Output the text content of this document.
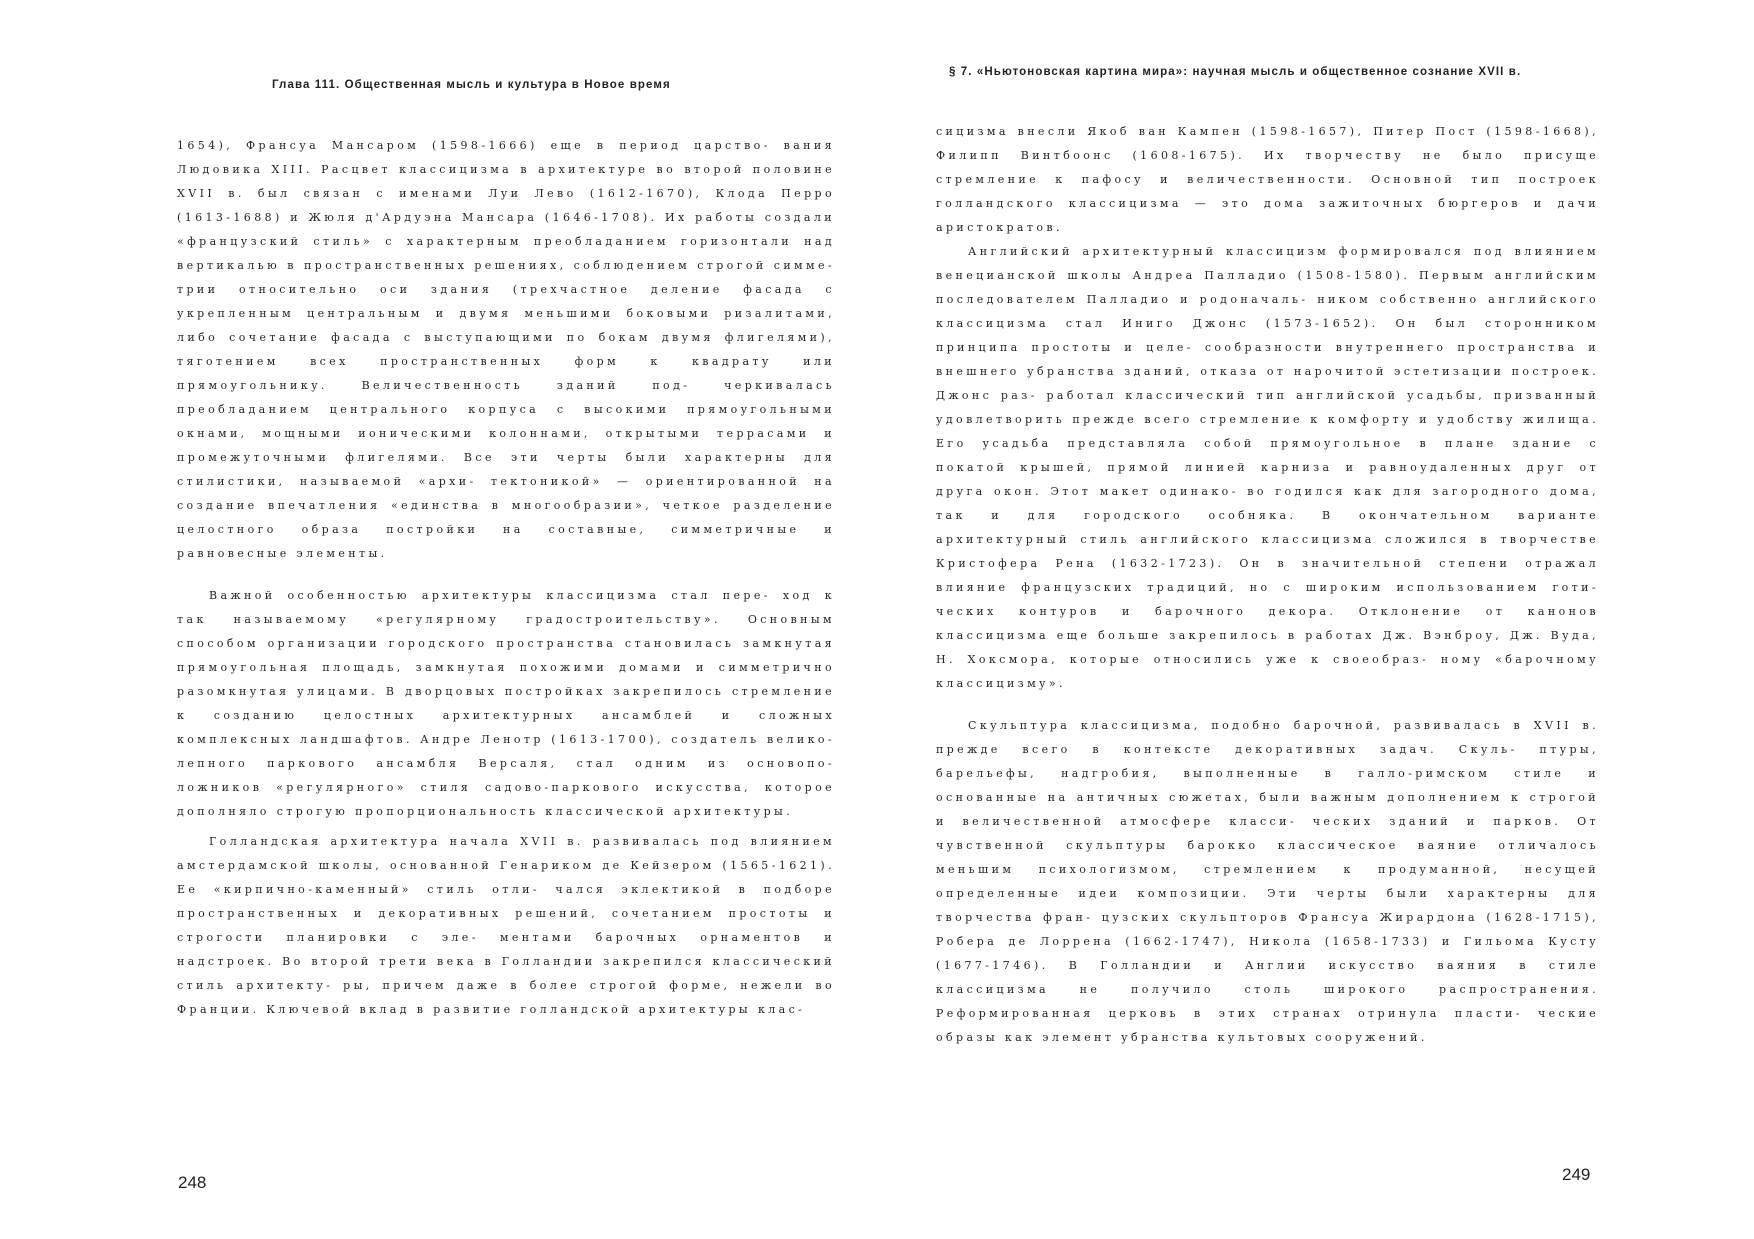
Глава 111. Общественная мысль и культура в Новое время

1654), Франсуа Мансаром (1598-1666) еще в период царство- вания Людовика XIII. Расцвет классицизма в архитектуре во второй половине XVII в. был связан с именами Луи Лево (1612-1670), Клода Перро (1613-1688) и Жюля д'Ардуэна Мансара (1646-1708). Их работы создали «французский стиль» с характерным преобладанием горизонтали над вертикалью в пространственных решениях, соблюдением строгой симме- трии относительно оси здания (трехчастное деление фасада с укрепленным центральным и двумя меньшими боковыми ризалитами, либо сочетание фасада с выступающими по бокам двумя флигелями), тяготением всех пространственных форм к квадрату или прямоугольнику. Величественность зданий под- черкивалась преобладанием центрального корпуса с высокими прямоугольными окнами, мощными ионическими колоннами, открытыми террасами и промежуточными флигелями. Все эти черты были характерны для стилистики, называемой «архи- тектоникой» — ориентированной на создание впечатления «единства в многообразии», четкое разделение целостного образа постройки на составные, симметричные и равновесные элементы.

Важной особенностью архитектуры классицизма стал пере- ход к так называемому «регулярному градостроительству». Основным способом организации городского пространства становилась замкнутая прямоугольная площадь, замкнутая похожими домами и симметрично разомкнутая улицами. В дворцовых постройках закрепилось стремление к созданию целостных архитектурных ансамблей и сложных комплексных ландшафтов. Андре Ленотр (1613-1700), создатель велико- лепного паркового ансамбля Версаля, стал одним из основопо- ложников «регулярного» стиля садово-паркового искусства, которое дополняло строгую пропорциональность классической архитектуры.

Голландская архитектура начала XVII в. развивалась под влиянием амстердамской школы, основанной Генариком де Кейзером (1565-1621). Ее «кирпично-каменный» стиль отли- чался эклектикой в подборе пространственных и декоративных решений, сочетанием простоты и строгости планировки с эле- ментами барочных орнаментов и надстроек. Во второй трети века в Голландии закрепился классический стиль архитекту- ры, причем даже в более строгой форме, нежели во Франции. Ключевой вклад в развитие голландской архитектуры клас-

248
§ 7. «Ньютоновская картина мира»: научная мысль и общественное сознание XVII в.

сицизма внесли Якоб ван Кампен (1598-1657), Питер Пост (1598-1668), Филипп Винтбоонс (1608-1675). Их творчеству не было присуще стремление к пафосу и величественности. Основной тип построек голландского классицизма — это дома зажиточных бюргеров и дачи аристократов.

Английский архитектурный классицизм формировался под влиянием венецианской школы Андреа Палладио (1508-1580). Первым английским последователем Палладио и родоначаль- ником собственно английского классицизма стал Иниго Джонс (1573-1652). Он был сторонником принципа простоты и целе- сообразности внутреннего пространства и внешнего убранства зданий, отказа от нарочитой эстетизации построек. Джонс раз- работал классический тип английской усадьбы, призванный удовлетворить прежде всего стремление к комфорту и удобству жилища. Его усадьба представляла собой прямоугольное в плане здание с покатой крышей, прямой линией карниза и равноудаленных друг от друга окон. Этот макет одинако- во годился как для загородного дома, так и для городского особняка. В окончательном варианте архитектурный стиль английского классицизма сложился в творчестве Кристофера Рена (1632-1723). Он в значительной степени отражал влияние французских традиций, но с широким использованием готи- ческих контуров и барочного декора. Отклонение от канонов классицизма еще больше закрепилось в работах Дж. Вэнброу, Дж. Вуда, Н. Хоксмора, которые относились уже к своеобраз- ному «барочному классицизму».

Скульптура классицизма, подобно барочной, развивалась в XVII в. прежде всего в контексте декоративных задач. Скуль- птуры, барельефы, надгробия, выполненные в галло-римском стиле и основанные на античных сюжетах, были важным дополнением к строгой и величественной атмосфере класси- ческих зданий и парков. От чувственной скульптуры барокко классическое ваяние отличалось меньшим психологизмом, стремлением к продуманной, несущей определенные идеи композиции. Эти черты были характерны для творчества фран- цузских скульпторов Франсуа Жирардона (1628-1715), Робера де Лоррена (1662-1747), Никола (1658-1733) и Гильома Кусту (1677-1746). В Голландии и Англии искусство ваяния в стиле классицизма не получило столь широкого распространения. Реформированная церковь в этих странах отринула пласти- ческие образы как элемент убранства культовых сооружений.

249
